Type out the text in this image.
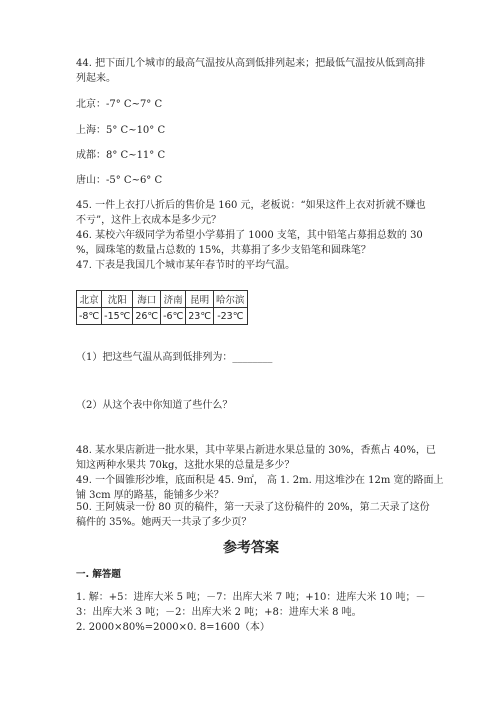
44. 把下面几个城市的最高气温按从高到低排列起来；把最低气温按从低到高排
列起来。
北京：-7° C~7° C
上海：5° C~10° C
成都：8° C~11° C
唐山：-5° C~6° C
45. 一件上衣打八折后的售价是 160 元，老板说：“如果这件上衣对折就不赚也
不亏”，这件上衣成本是多少元？
46. 某校六年级同学为希望小学募捐了 1000 支笔，其中铅笔占募捐总数的 30
%，圆珠笔的数量占总数的 15%，共募捐了多少支铅笔和圆珠笔？
47. 下表是我国几个城市某年春节时的平均气温。
北京	沈阳	海口	济南	昆明	哈尔滨
-8℃	-15℃	26℃	-6℃	23℃	-23℃
（1）把这些气温从高到低排列为：________
（2）从这个表中你知道了些什么？
48. 某水果店新进一批水果，其中苹果占新进水果总量的 30%，香蕉占 40%，已
知这两种水果共 70kg，这批水果的总量是多少？
49. 一个圆锥形沙堆，底面积是 45. 9㎡， 高 1. 2m. 用这堆沙在 12m 宽的路面上
铺 3cm 厚的路基，能铺多少米？
50. 王阿姨录一份 80 页的稿件，第一天录了这份稿件的 20%，第二天录了这份
稿件的 35%。她两天一共录了多少页？
参考答案
一. 解答题
1. 解：+5：进库大米 5 吨；－7：出库大米 7 吨；+10：进库大米 10 吨；－
3：出库大米 3 吨；－2：出库大米 2 吨；+8：进库大米 8 吨。
2. 2000×80%=2000×0. 8=1600（本）
